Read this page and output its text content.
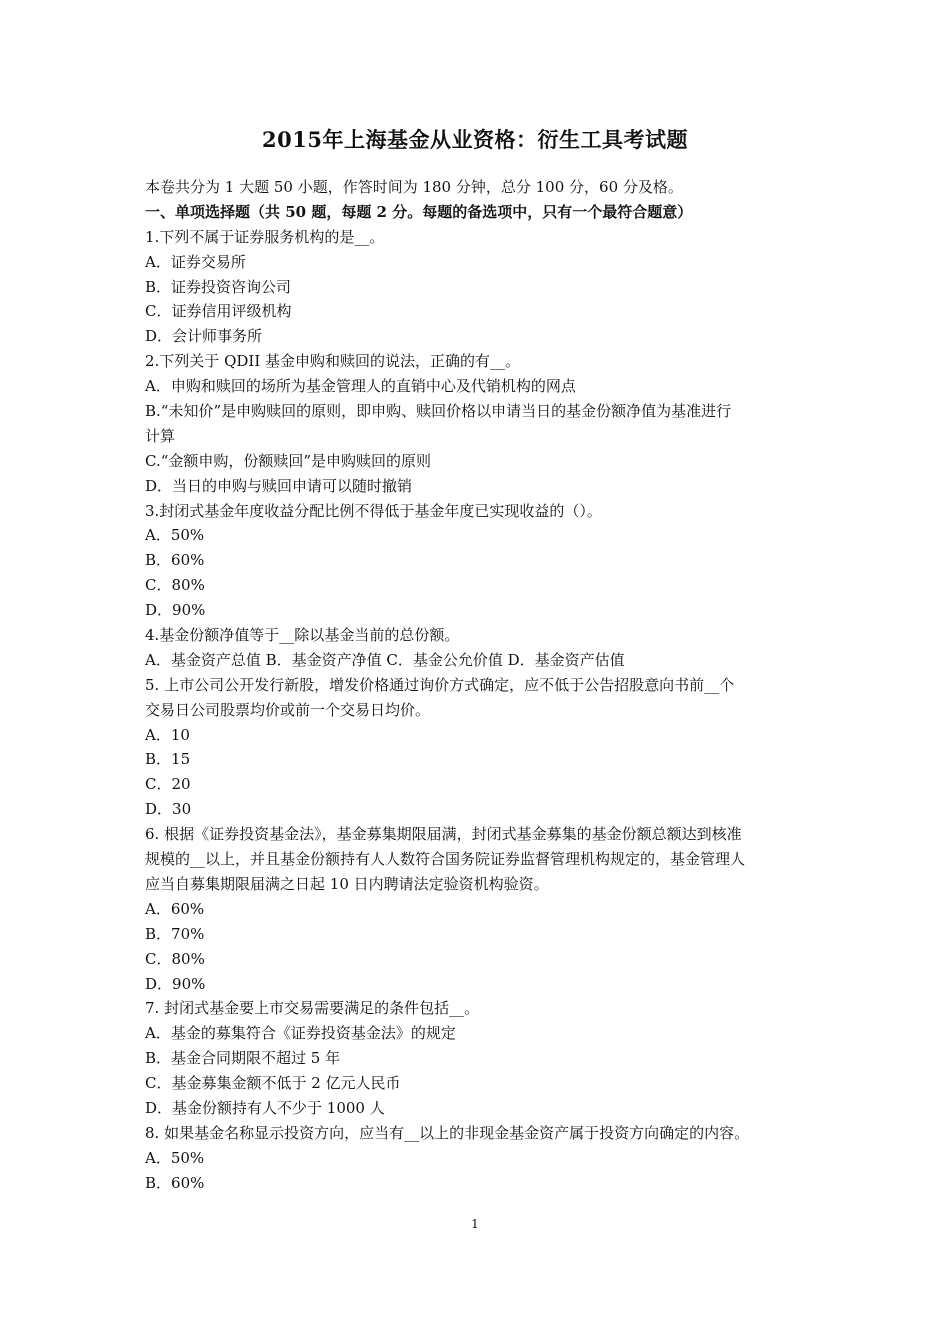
2015年上海基金从业资格：衍生工具考试题
本卷共分为 1 大题 50 小题，作答时间为 180 分钟，总分 100 分，60 分及格。
一、单项选择题（共 50 题，每题 2 分。每题的备选项中，只有一个最符合题意）
1.下列不属于证券服务机构的是__。
A．证券交易所
B．证券投资咨询公司
C．证券信用评级机构
D．会计师事务所
2.下列关于 QDII 基金申购和赎回的说法，正确的有__。
A．申购和赎回的场所为基金管理人的直销中心及代销机构的网点
B.“未知价”是申购赎回的原则，即申购、赎回价格以申请当日的基金份额净值为基准进行
计算
C.“金额申购，份额赎回”是申购赎回的原则
D．当日的申购与赎回申请可以随时撤销
3.封闭式基金年度收益分配比例不得低于基金年度已实现收益的（）。
A．50%
B．60%
C．80%
D．90%
4.基金份额净值等于__除以基金当前的总份额。
A．基金资产总值 B．基金资产净值 C．基金公允价值 D．基金资产估值
5. 上市公司公开发行新股，增发价格通过询价方式确定，应不低于公告招股意向书前__个
交易日公司股票均价或前一个交易日均价。
A．10
B．15
C．20
D．30
6. 根据《证券投资基金法》，基金募集期限届满，封闭式基金募集的基金份额总额达到核准
规模的__以上，并且基金份额持有人人数符合国务院证券监督管理机构规定的，基金管理人
应当自募集期限届满之日起 10 日内聘请法定验资机构验资。
A．60%
B．70%
C．80%
D．90%
7. 封闭式基金要上市交易需要满足的条件包括__。
A．基金的募集符合《证券投资基金法》的规定
B．基金合同期限不超过 5 年
C．基金募集金额不低于 2 亿元人民币
D．基金份额持有人不少于 1000 人
8. 如果基金名称显示投资方向，应当有__以上的非现金基金资产属于投资方向确定的内容。
A．50%
B．60%
1
